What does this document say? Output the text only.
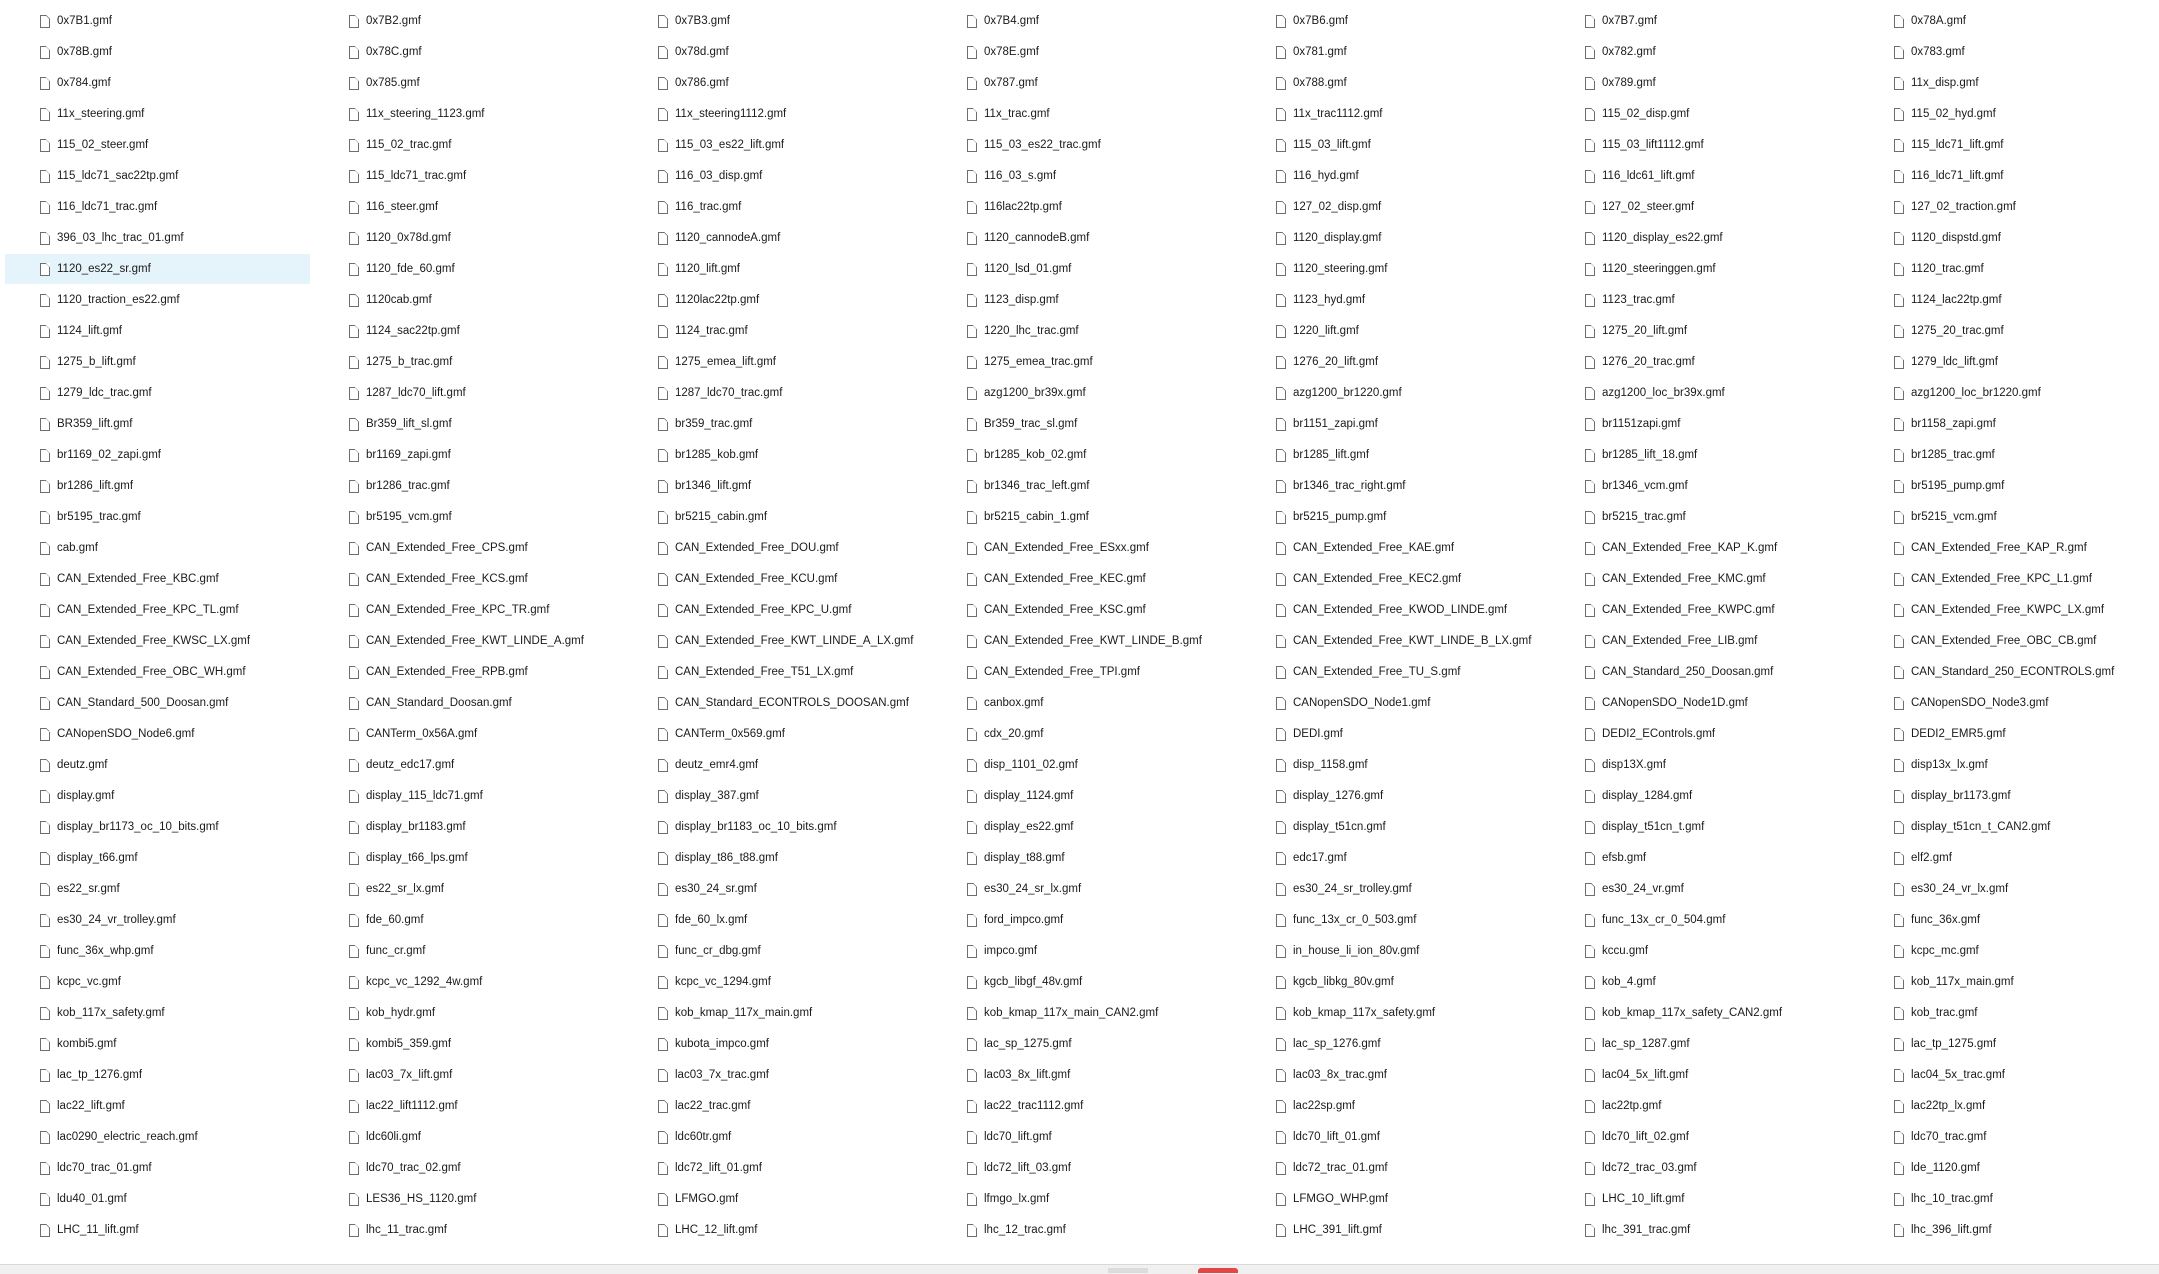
0x7B1.gmf	0x7B2.gmf	0x7B3.gmf	0x7B4.gmf	0x7B6.gmf	0x7B7.gmf	0x78A.gmf
0x78B.gmf	0x78C.gmf	0x78d.gmf	0x78E.gmf	0x781.gmf	0x782.gmf	0x783.gmf
0x784.gmf	0x785.gmf	0x786.gmf	0x787.gmf	0x788.gmf	0x789.gmf	11x_disp.gmf
11x_steering.gmf	11x_steering_1123.gmf	11x_steering1112.gmf	11x_trac.gmf	11x_trac1112.gmf	115_02_disp.gmf	115_02_hyd.gmf
115_02_steer.gmf	115_02_trac.gmf	115_03_es22_lift.gmf	115_03_es22_trac.gmf	115_03_lift.gmf	115_03_lift1112.gmf	115_ldc71_lift.gmf
115_ldc71_sac22tp.gmf	115_ldc71_trac.gmf	116_03_disp.gmf	116_03_s.gmf	116_hyd.gmf	116_ldc61_lift.gmf	116_ldc71_lift.gmf
116_ldc71_trac.gmf	116_steer.gmf	116_trac.gmf	116lac22tp.gmf	127_02_disp.gmf	127_02_steer.gmf	127_02_traction.gmf
396_03_lhc_trac_01.gmf	1120_0x78d.gmf	1120_cannodeA.gmf	1120_cannodeB.gmf	1120_display.gmf	1120_display_es22.gmf	1120_dispstd.gmf
1120_es22_sr.gmf	1120_fde_60.gmf	1120_lift.gmf	1120_lsd_01.gmf	1120_steering.gmf	1120_steeringgen.gmf	1120_trac.gmf
1120_traction_es22.gmf	1120cab.gmf	1120lac22tp.gmf	1123_disp.gmf	1123_hyd.gmf	1123_trac.gmf	1124_lac22tp.gmf
1124_lift.gmf	1124_sac22tp.gmf	1124_trac.gmf	1220_lhc_trac.gmf	1220_lift.gmf	1275_20_lift.gmf	1275_20_trac.gmf
1275_b_lift.gmf	1275_b_trac.gmf	1275_emea_lift.gmf	1275_emea_trac.gmf	1276_20_lift.gmf	1276_20_trac.gmf	1279_ldc_lift.gmf
1279_ldc_trac.gmf	1287_ldc70_lift.gmf	1287_ldc70_trac.gmf	azg1200_br39x.gmf	azg1200_br1220.gmf	azg1200_loc_br39x.gmf	azg1200_loc_br1220.gmf
BR359_lift.gmf	Br359_lift_sl.gmf	br359_trac.gmf	Br359_trac_sl.gmf	br1151_zapi.gmf	br1151zapi.gmf	br1158_zapi.gmf
br1169_02_zapi.gmf	br1169_zapi.gmf	br1285_kob.gmf	br1285_kob_02.gmf	br1285_lift.gmf	br1285_lift_18.gmf	br1285_trac.gmf
br1286_lift.gmf	br1286_trac.gmf	br1346_lift.gmf	br1346_trac_left.gmf	br1346_trac_right.gmf	br1346_vcm.gmf	br5195_pump.gmf
br5195_trac.gmf	br5195_vcm.gmf	br5215_cabin.gmf	br5215_cabin_1.gmf	br5215_pump.gmf	br5215_trac.gmf	br5215_vcm.gmf
cab.gmf	CAN_Extended_Free_CPS.gmf	CAN_Extended_Free_DOU.gmf	CAN_Extended_Free_ESxx.gmf	CAN_Extended_Free_KAE.gmf	CAN_Extended_Free_KAP_K.gmf	CAN_Extended_Free_KAP_R.gmf
CAN_Extended_Free_KBC.gmf	CAN_Extended_Free_KCS.gmf	CAN_Extended_Free_KCU.gmf	CAN_Extended_Free_KEC.gmf	CAN_Extended_Free_KEC2.gmf	CAN_Extended_Free_KMC.gmf	CAN_Extended_Free_KPC_L1.gmf
CAN_Extended_Free_KPC_TL.gmf	CAN_Extended_Free_KPC_TR.gmf	CAN_Extended_Free_KPC_U.gmf	CAN_Extended_Free_KSC.gmf	CAN_Extended_Free_KWOD_LINDE.gmf	CAN_Extended_Free_KWPC.gmf	CAN_Extended_Free_KWPC_LX.gmf
CAN_Extended_Free_KWSC_LX.gmf	CAN_Extended_Free_KWT_LINDE_A.gmf	CAN_Extended_Free_KWT_LINDE_A_LX.gmf	CAN_Extended_Free_KWT_LINDE_B.gmf	CAN_Extended_Free_KWT_LINDE_B_LX.gmf	CAN_Extended_Free_LIB.gmf	CAN_Extended_Free_OBC_CB.gmf
CAN_Extended_Free_OBC_WH.gmf	CAN_Extended_Free_RPB.gmf	CAN_Extended_Free_T51_LX.gmf	CAN_Extended_Free_TPI.gmf	CAN_Extended_Free_TU_S.gmf	CAN_Standard_250_Doosan.gmf	CAN_Standard_250_ECONTROLS.gmf
CAN_Standard_500_Doosan.gmf	CAN_Standard_Doosan.gmf	CAN_Standard_ECONTROLS_DOOSAN.gmf	canbox.gmf	CANopenSDO_Node1.gmf	CANopenSDO_Node1D.gmf	CANopenSDO_Node3.gmf
CANopenSDO_Node6.gmf	CANTerm_0x56A.gmf	CANTerm_0x569.gmf	cdx_20.gmf	DEDI.gmf	DEDI2_EControls.gmf	DEDI2_EMR5.gmf
deutz.gmf	deutz_edc17.gmf	deutz_emr4.gmf	disp_1101_02.gmf	disp_1158.gmf	disp13X.gmf	disp13x_lx.gmf
display.gmf	display_115_ldc71.gmf	display_387.gmf	display_1124.gmf	display_1276.gmf	display_1284.gmf	display_br1173.gmf
display_br1173_oc_10_bits.gmf	display_br1183.gmf	display_br1183_oc_10_bits.gmf	display_es22.gmf	display_t51cn.gmf	display_t51cn_t.gmf	display_t51cn_t_CAN2.gmf
display_t66.gmf	display_t66_lps.gmf	display_t86_t88.gmf	display_t88.gmf	edc17.gmf	efsb.gmf	elf2.gmf
es22_sr.gmf	es22_sr_lx.gmf	es30_24_sr.gmf	es30_24_sr_lx.gmf	es30_24_sr_trolley.gmf	es30_24_vr.gmf	es30_24_vr_lx.gmf
es30_24_vr_trolley.gmf	fde_60.gmf	fde_60_lx.gmf	ford_impco.gmf	func_13x_cr_0_503.gmf	func_13x_cr_0_504.gmf	func_36x.gmf
func_36x_whp.gmf	func_cr.gmf	func_cr_dbg.gmf	impco.gmf	in_house_li_ion_80v.gmf	kccu.gmf	kcpc_mc.gmf
kcpc_vc.gmf	kcpc_vc_1292_4w.gmf	kcpc_vc_1294.gmf	kgcb_libgf_48v.gmf	kgcb_libkg_80v.gmf	kob_4.gmf	kob_117x_main.gmf
kob_117x_safety.gmf	kob_hydr.gmf	kob_kmap_117x_main.gmf	kob_kmap_117x_main_CAN2.gmf	kob_kmap_117x_safety.gmf	kob_kmap_117x_safety_CAN2.gmf	kob_trac.gmf
kombi5.gmf	kombi5_359.gmf	kubota_impco.gmf	lac_sp_1275.gmf	lac_sp_1276.gmf	lac_sp_1287.gmf	lac_tp_1275.gmf
lac_tp_1276.gmf	lac03_7x_lift.gmf	lac03_7x_trac.gmf	lac03_8x_lift.gmf	lac03_8x_trac.gmf	lac04_5x_lift.gmf	lac04_5x_trac.gmf
lac22_lift.gmf	lac22_lift1112.gmf	lac22_trac.gmf	lac22_trac1112.gmf	lac22sp.gmf	lac22tp.gmf	lac22tp_lx.gmf
lac0290_electric_reach.gmf	ldc60li.gmf	ldc60tr.gmf	ldc70_lift.gmf	ldc70_lift_01.gmf	ldc70_lift_02.gmf	ldc70_trac.gmf
ldc70_trac_01.gmf	ldc70_trac_02.gmf	ldc72_lift_01.gmf	ldc72_lift_03.gmf	ldc72_trac_01.gmf	ldc72_trac_03.gmf	lde_1120.gmf
ldu40_01.gmf	LES36_HS_1120.gmf	LFMGO.gmf	lfmgo_lx.gmf	LFMGO_WHP.gmf	LHC_10_lift.gmf	lhc_10_trac.gmf
LHC_11_lift.gmf	lhc_11_trac.gmf	LHC_12_lift.gmf	lhc_12_trac.gmf	LHC_391_lift.gmf	lhc_391_trac.gmf	lhc_396_lift.gmf
